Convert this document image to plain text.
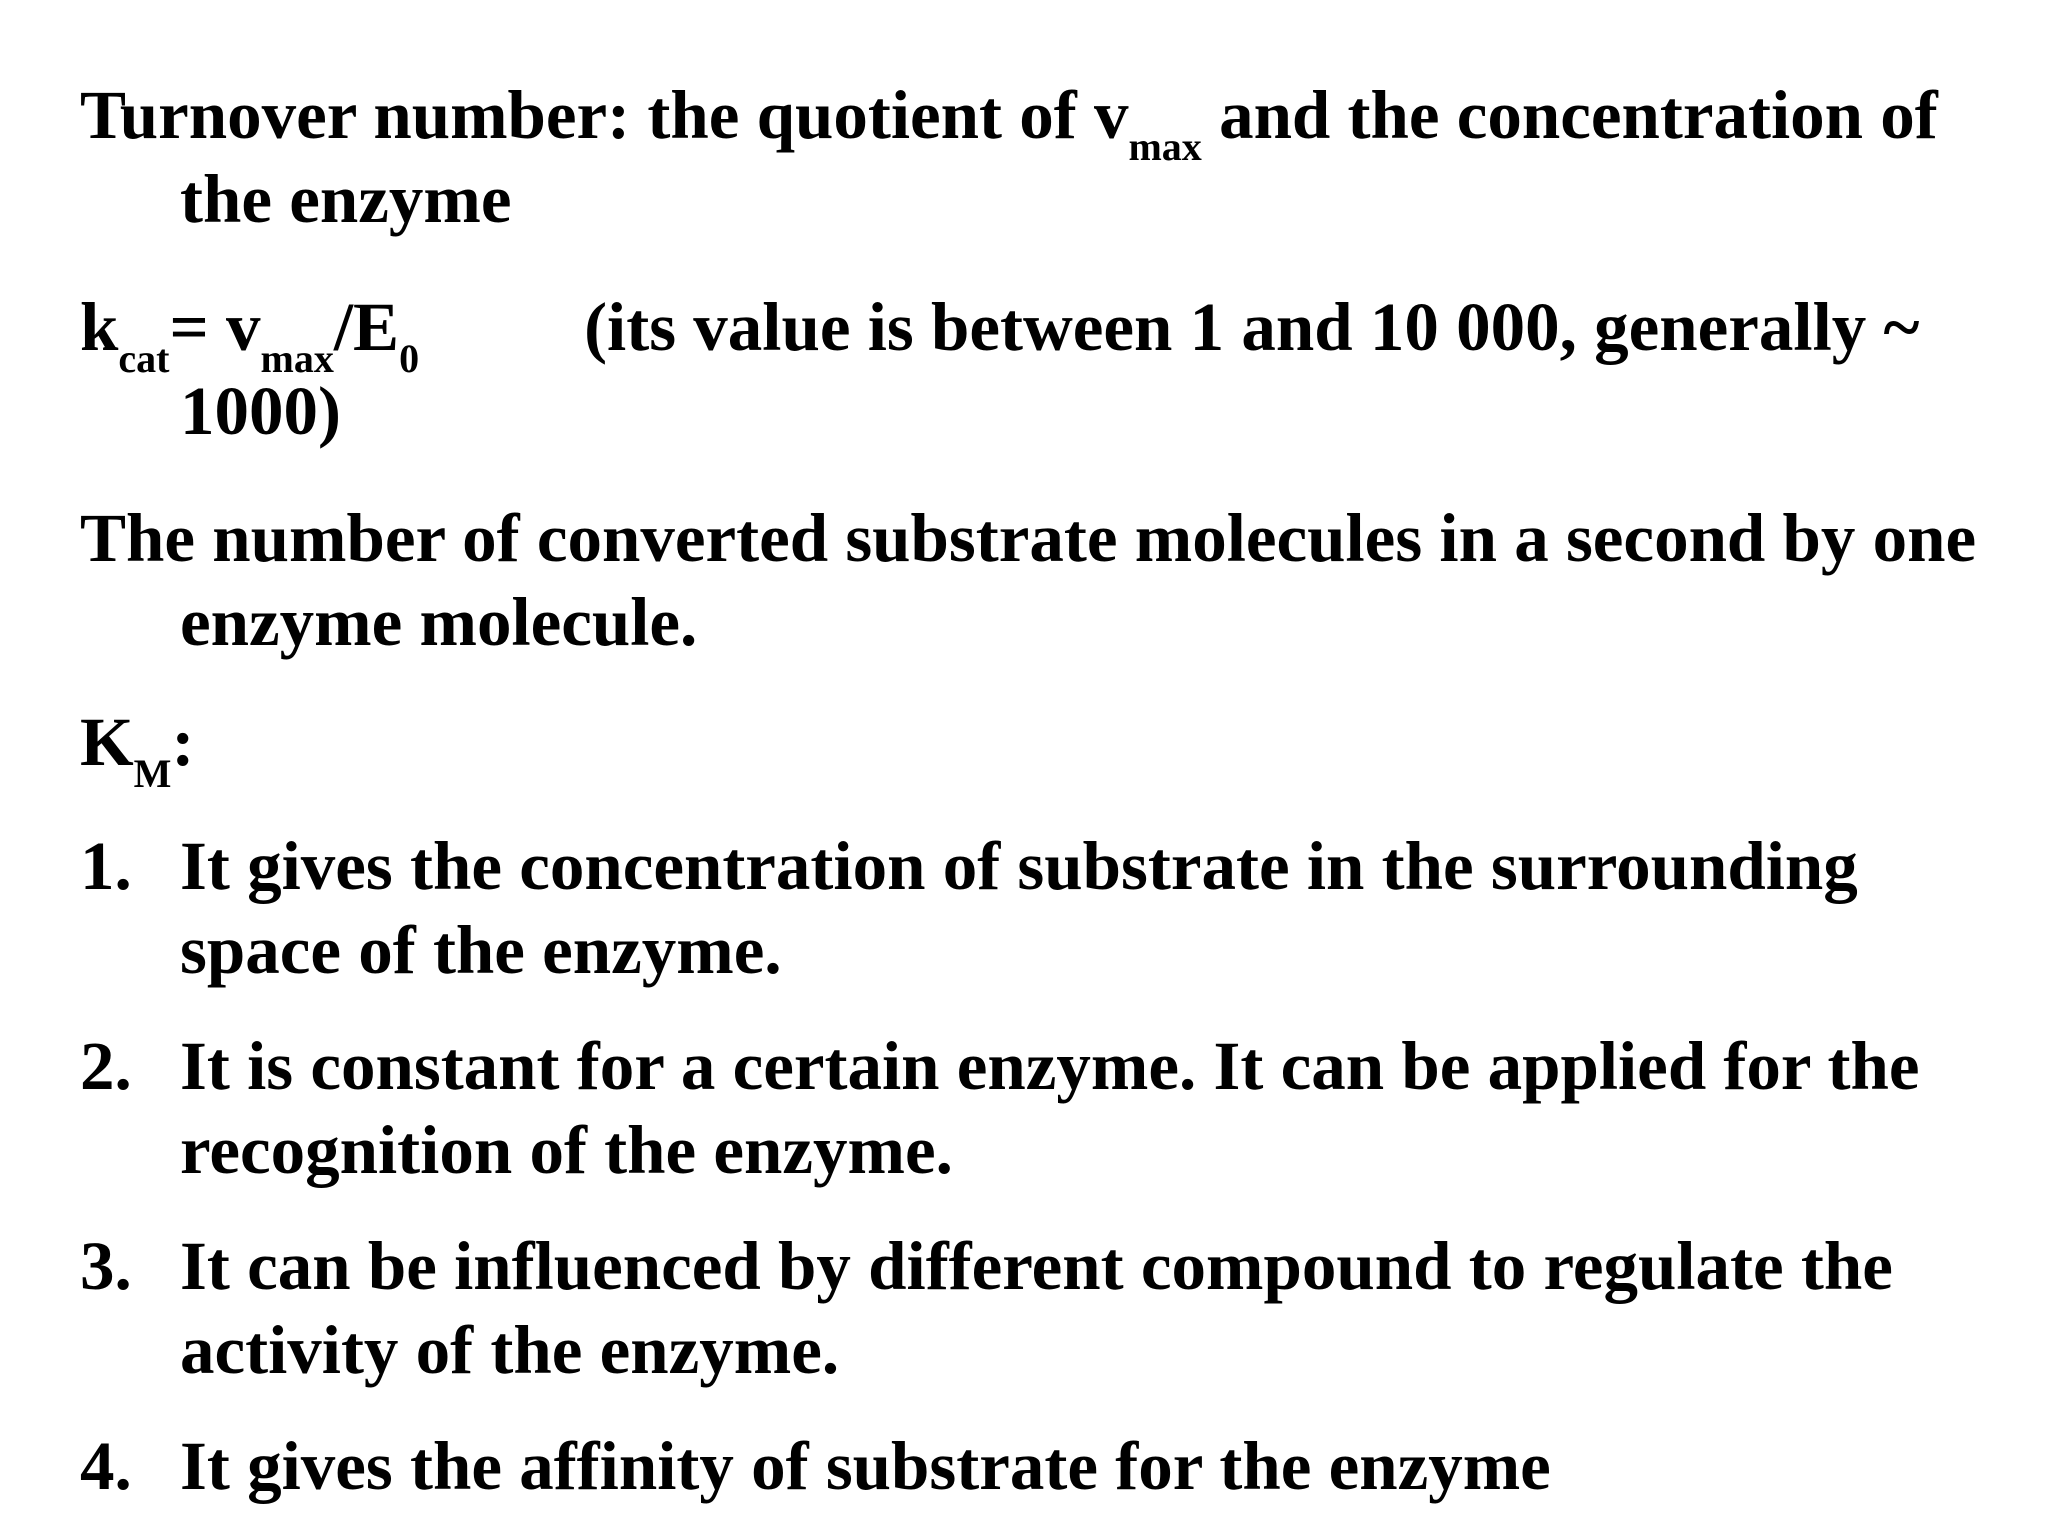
Turnover number: the quotient of $v_{max}$ and the concentration of
the enzyme
$k_{cat}= v_{max}/E_0$ (its value is between 1 and 10 000, generally ~
1000)
The number of converted substrate molecules in a second by one
enzyme molecule.
$K_M$:
1. It gives the concentration of substrate in the surrounding
space of the enzyme.
2. It is constant for a certain enzyme. It can be applied for the
recognition of the enzyme.
3. It can be influenced by different compound to regulate the
activity of the enzyme.
4. It gives the affinity of substrate for the enzyme
